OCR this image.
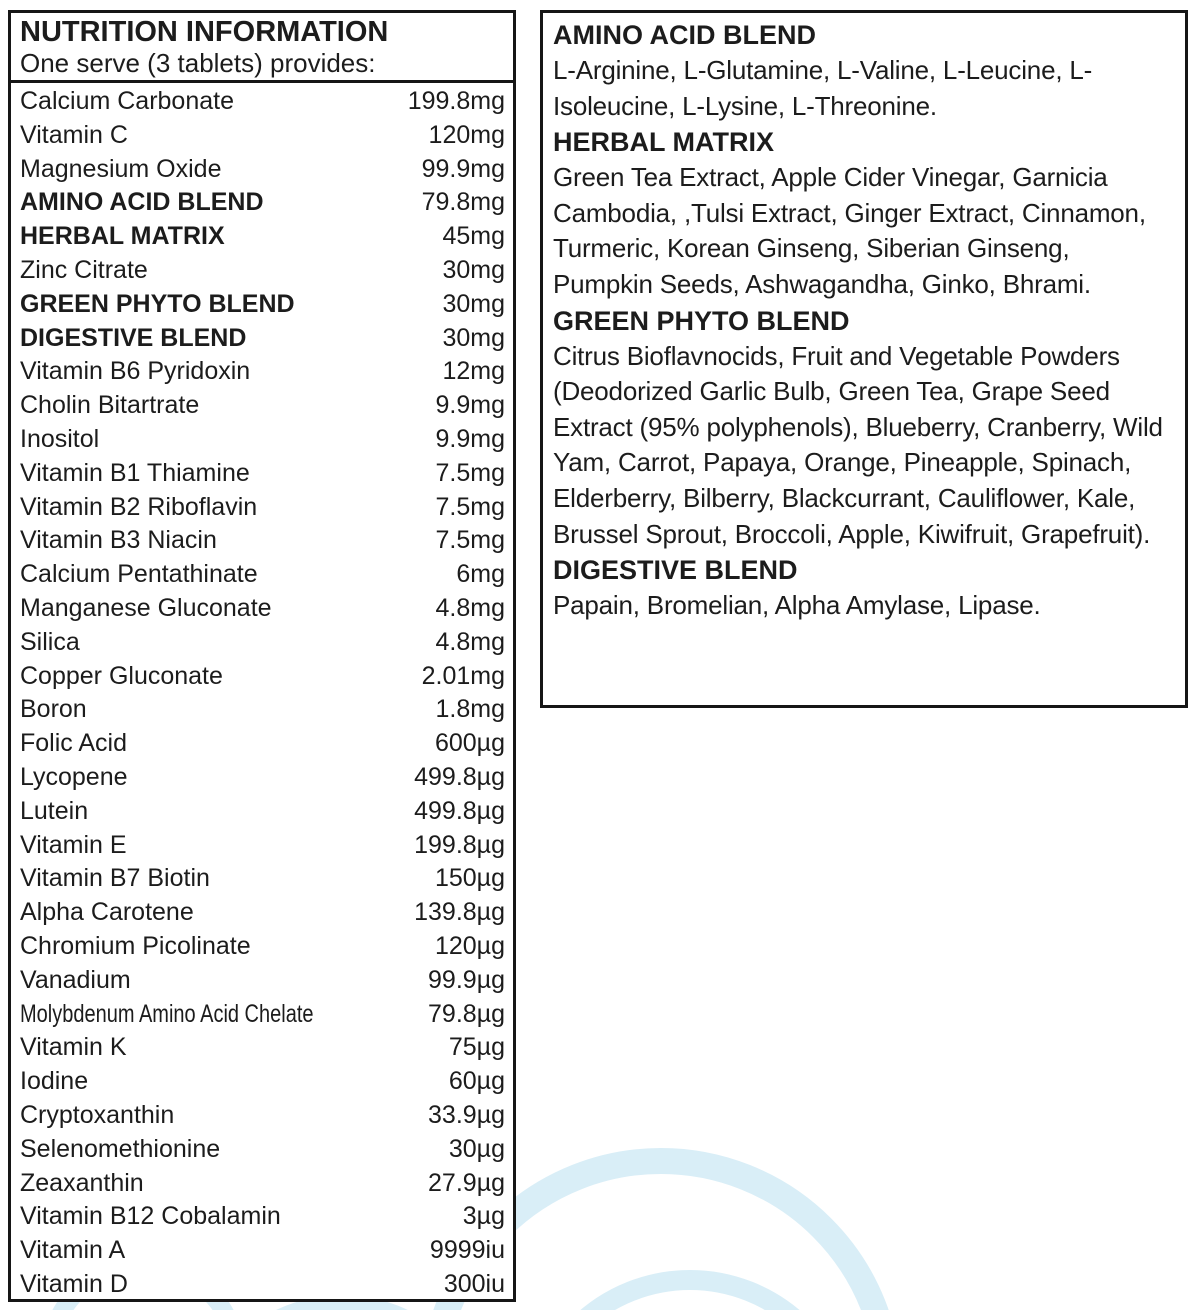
NUTRITION INFORMATION
One serve (3 tablets) provides:
Calcium Carbonate	199.8mg
Vitamin C	120mg
Magnesium Oxide	99.9mg
AMINO ACID BLEND	79.8mg
HERBAL MATRIX	45mg
Zinc Citrate	30mg
GREEN PHYTO BLEND	30mg
DIGESTIVE BLEND	30mg
Vitamin B6 Pyridoxin	12mg
Cholin Bitartrate	9.9mg
Inositol	9.9mg
Vitamin B1 Thiamine	7.5mg
Vitamin B2 Riboflavin	7.5mg
Vitamin B3 Niacin	7.5mg
Calcium Pentathinate	6mg
Manganese Gluconate	4.8mg
Silica	4.8mg
Copper Gluconate	2.01mg
Boron	1.8mg
Folic Acid	600µg
Lycopene	499.8µg
Lutein	499.8µg
Vitamin E	199.8µg
Vitamin B7 Biotin	150µg
Alpha Carotene	139.8µg
Chromium Picolinate	120µg
Vanadium	99.9µg
Molybdenum Amino Acid Chelate	79.8µg
Vitamin K	75µg
Iodine	60µg
Cryptoxanthin	33.9µg
Selenomethionine	30µg
Zeaxanthin	27.9µg
Vitamin B12 Cobalamin	3µg
Vitamin A	9999iu
Vitamin D	300iu
AMINO ACID BLEND
L-Arginine, L-Glutamine, L-Valine, L-Leucine, L-Isoleucine, L-Lysine, L-Threonine.
HERBAL MATRIX
Green Tea Extract, Apple Cider Vinegar, Garnicia Cambodia, ,Tulsi Extract, Ginger Extract, Cinnamon, Turmeric, Korean Ginseng, Siberian Ginseng, Pumpkin Seeds, Ashwagandha, Ginko, Bhrami.
GREEN PHYTO BLEND
Citrus Bioflavnocids, Fruit and Vegetable Powders (Deodorized Garlic Bulb, Green Tea, Grape Seed Extract (95% polyphenols), Blueberry, Cranberry, Wild Yam, Carrot, Papaya, Orange, Pineapple, Spinach, Elderberry, Bilberry, Blackcurrant, Cauliflower, Kale, Brussel Sprout, Broccoli, Apple, Kiwifruit, Grapefruit).
DIGESTIVE BLEND
Papain, Bromelian, Alpha Amylase, Lipase.
